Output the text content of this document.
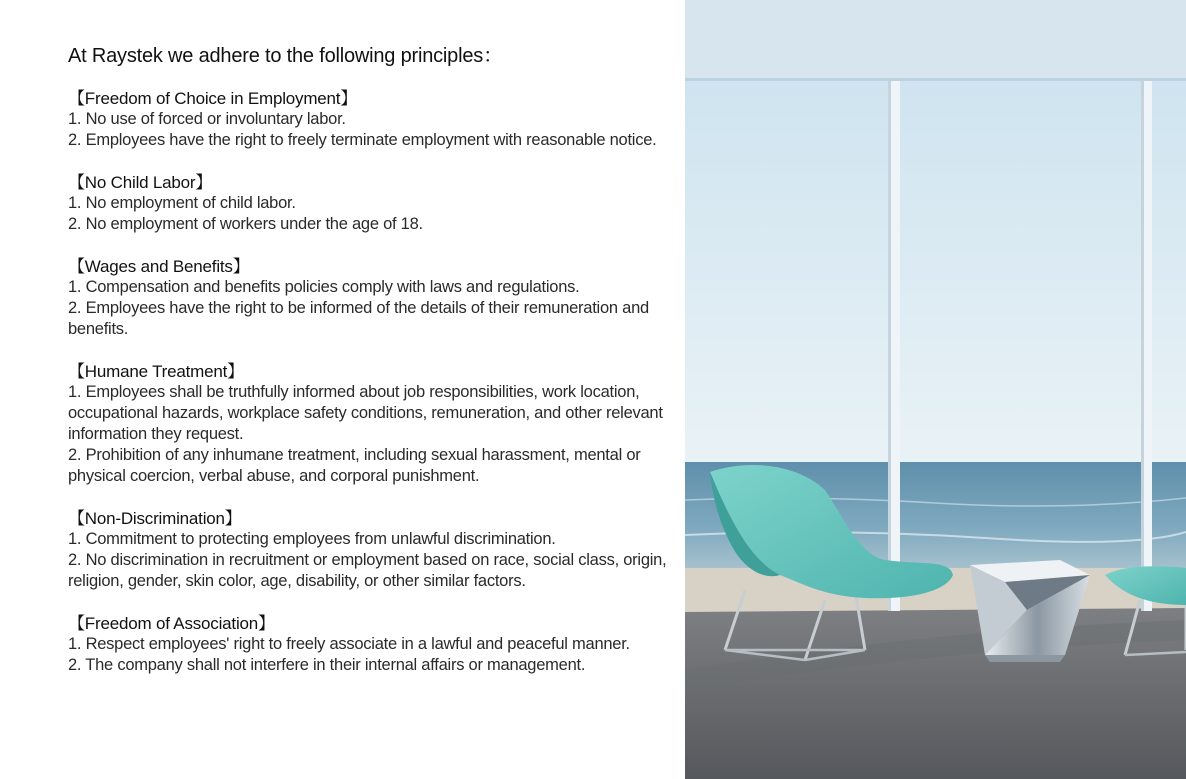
At Raystek we adhere to the following principles：
【Freedom of Choice in Employment】
1. No use of forced or involuntary labor.
2. Employees have the right to freely terminate employment with reasonable notice.
【No Child Labor】
1. No employment of child labor.
2. No employment of workers under the age of 18.
【Wages and Benefits】
1. Compensation and benefits policies comply with laws and regulations.
2. Employees have the right to be informed of the details of their remuneration and benefits.
【Humane Treatment】
1. Employees shall be truthfully informed about job responsibilities, work location, occupational hazards, workplace safety conditions, remuneration, and other relevant information they request.
2. Prohibition of any inhumane treatment, including sexual harassment, mental or physical coercion, verbal abuse, and corporal punishment.
【Non-Discrimination】
1. Commitment to protecting employees from unlawful discrimination.
2. No discrimination in recruitment or employment based on race, social class, origin, religion, gender, skin color, age, disability, or other similar factors.
【Freedom of Association】
1. Respect employees' right to freely associate in a lawful and peaceful manner.
2. The company shall not interfere in their internal affairs or management.
